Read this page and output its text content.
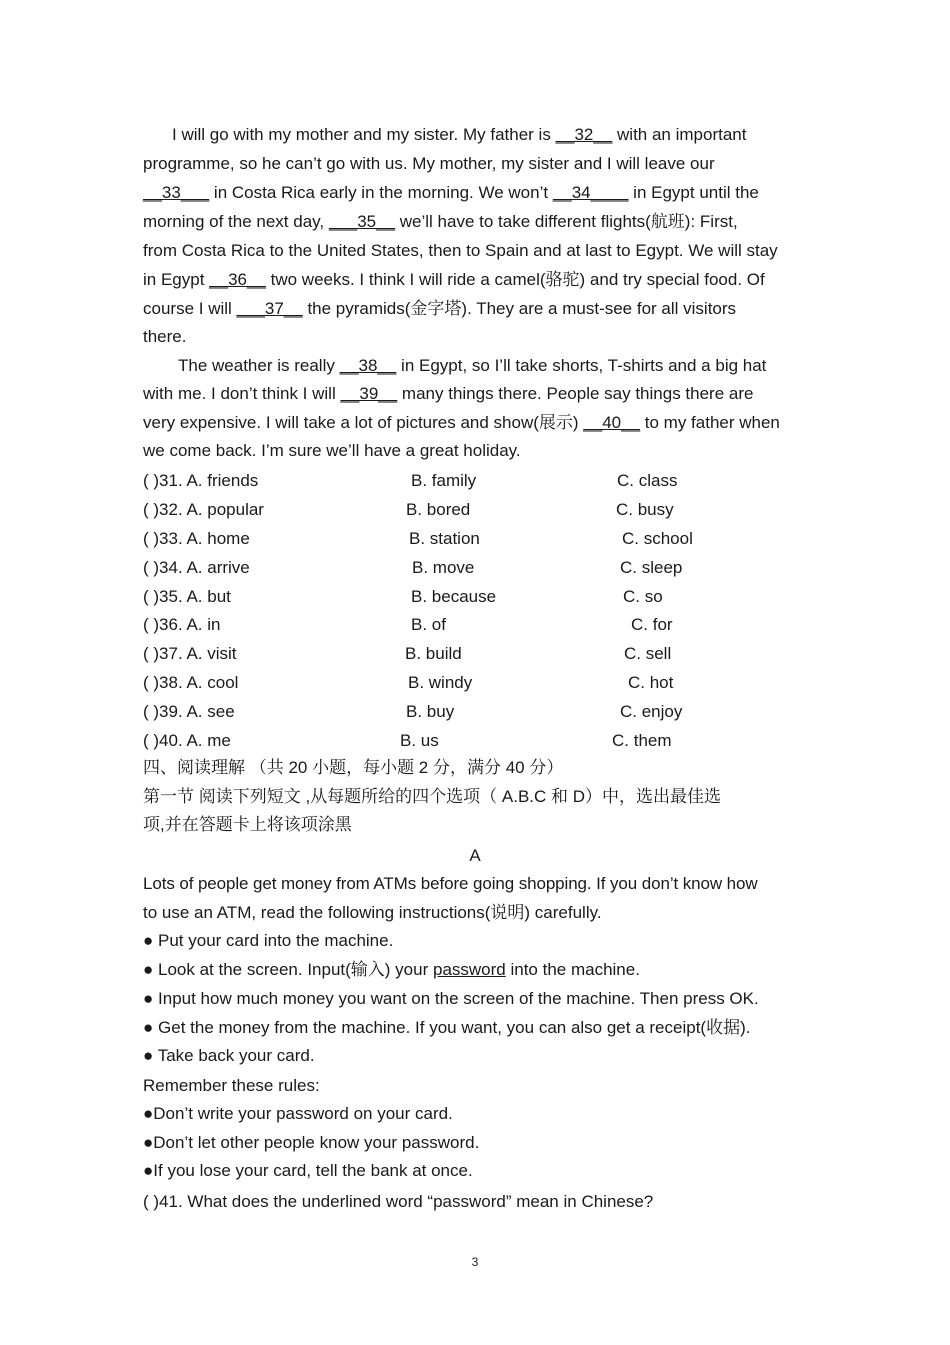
I will go with my mother and my sister. My father is __32__ with an important
programme, so he can’t go with us. My mother, my sister and I will leave our
__33___ in Costa Rica early in the morning. We won’t __34____ in Egypt until the
morning of the next day, ___35__ we’ll have to take different flights(航班): First,
from Costa Rica to the United States, then to Spain and at last to Egypt. We will stay
in Egypt __36__ two weeks. I think I will ride a camel(骆驼) and try special food. Of
course I will ___37__ the pyramids(金字塔). They are a must-see for all visitors
there.
The weather is really __38__ in Egypt, so I’ll take shorts, T-shirts and a big hat
with me. I don’t think I will __39__ many things there. People say things there are
very expensive. I will take a lot of pictures and show(展示) __40__ to my father when
we come back. I’m sure we’ll have a great holiday.
( )31. A. friends	B. family	C. class
( )32. A. popular	B. bored	C. busy
( )33. A. home	B. station	C. school
( )34. A. arrive	B. move	C. sleep
( )35. A. but	B. because	C. so
( )36. A. in	B. of	C. for
( )37. A. visit	B. build	C. sell
( )38. A. cool	B. windy	C. hot
( )39. A. see	B. buy	C. enjoy
( )40. A. me	B. us	C. them
四、阅读理解 （共 20 小题，每小题 2 分，满分 40 分）
第一节 阅读下列短文 ,从每题所给的四个选项（ A.B.C 和 D）中，选出最佳选
项,并在答题卡上将该项涂黑
A
Lots of people get money from ATMs before going shopping. If you don’t know how
to use an ATM, read the following instructions(说明) carefully.
● Put your card into the machine.
● Look at the screen. Input(输入) your password into the machine.
● Input how much money you want on the screen of the machine. Then press OK.
● Get the money from the machine. If you want, you can also get a receipt(收据).
● Take back your card.
Remember these rules:
● Don’t write your password on your card.
● Don’t let other people know your password.
● If you lose your card, tell the bank at once.
( )41. What does the underlined word “password” mean in Chinese?
3
